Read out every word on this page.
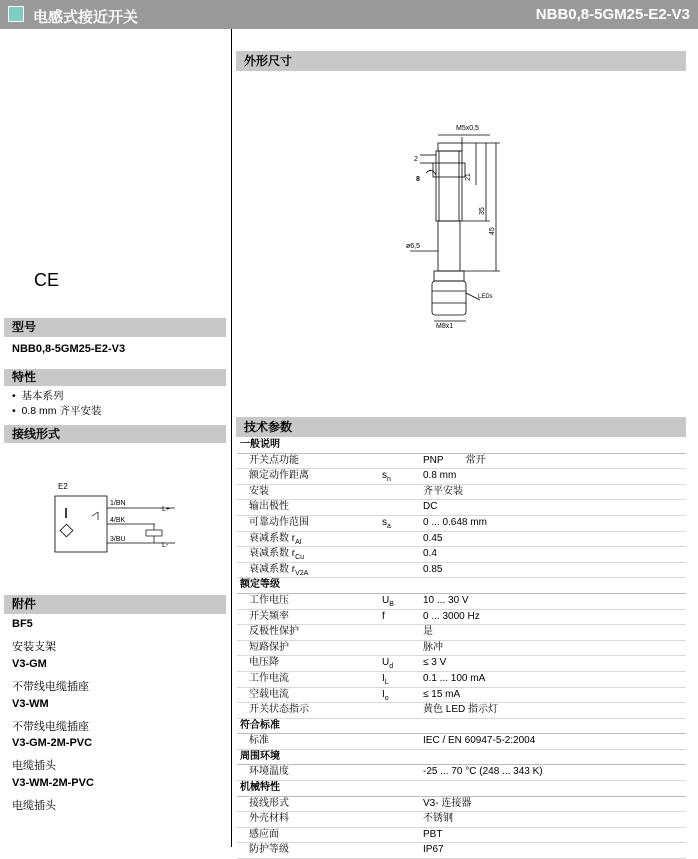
电感式接近开关	NBB0,8-5GM25-E2-V3
CE
型号
NBB0,8-5GM25-E2-V3
特性
•  基本系列
•  0.8 mm 齐平安装
接线形式
E2
1/BN
4/BK
3/BU
L+
L-
附件
BF5
安装支架
V3-GM
不带线电缆插座
V3-WM
不带线电缆插座
V3-GM-2M-PVC
电缆插头
V3-WM-2M-PVC
电缆插头
外形尺寸
M5x0,5
2
8	21
35
45
ø6,5
LEDs
M8x1
技术参数
一般说明
开关点功能	PNP        常开
额定动作距离	$s_n$	0.8 mm
安装	齐平安装
输出极性	DC
可靠动作范围	$s_a$	0 ... 0.648 mm
衰减系数 $r_{Al}$	0.45
衰减系数 $r_{Cu}$	0.4
衰减系数 $r_{V2A}$	0.85
额定等级
工作电压	$U_B$	10 ... 30 V
开关频率	f	0 ... 3000 Hz
反极性保护	是
短路保护	脉冲
电压降	$U_d$	≤ 3 V
工作电流	$I_L$	0.1 ... 100 mA
空载电流	$I_o$	≤ 15 mA
开关状态指示	黄色 LED 指示灯
符合标准
标准	IEC / EN 60947-5-2:2004
周围环境
环境温度	-25 ... 70 °C (248 ... 343 K)
机械特性
接线形式	V3- 连接器
外壳材料	不锈钢
感应面	PBT
防护等级	IP67
